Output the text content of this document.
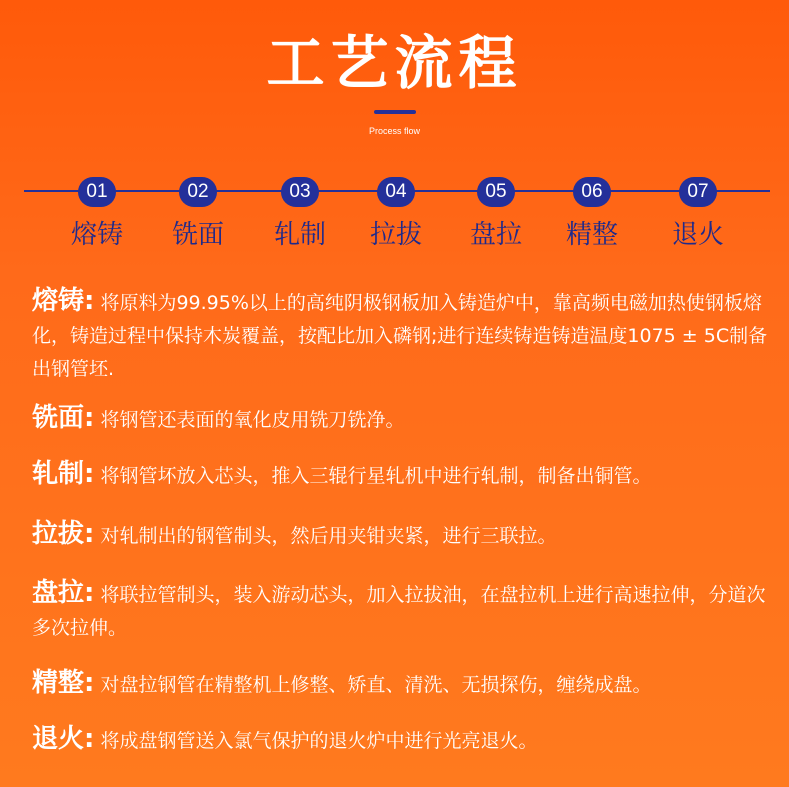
工艺流程
Process flow
01
熔铸
02
铣面
03
轧制
04
拉拔
05
盘拉
06
精整
07
退火
熔铸: 将原料为99.95%以上的高纯阴极钢板加入铸造炉中，靠高频电磁加热使钢板熔化，铸造过程中保持木炭覆盖，按配比加入磷钢;进行连续铸造铸造温度1075 ± 5C制备出钢管坯.
铣面: 将钢管还表面的氧化皮用铣刀铣净。
轧制: 将钢管坏放入芯头，推入三辊行星轧机中进行轧制，制备出铜管。
拉拔: 对轧制出的钢管制头，然后用夹钳夹紧，进行三联拉。
盘拉: 将联拉管制头，装入游动芯头，加入拉拔油，在盘拉机上进行高速拉伸，分道次多次拉伸。
精整: 对盘拉钢管在精整机上修整、矫直、清洗、无损探伤，缠绕成盘。
退火: 将成盘钢管送入氯气保护的退火炉中进行光亮退火。
